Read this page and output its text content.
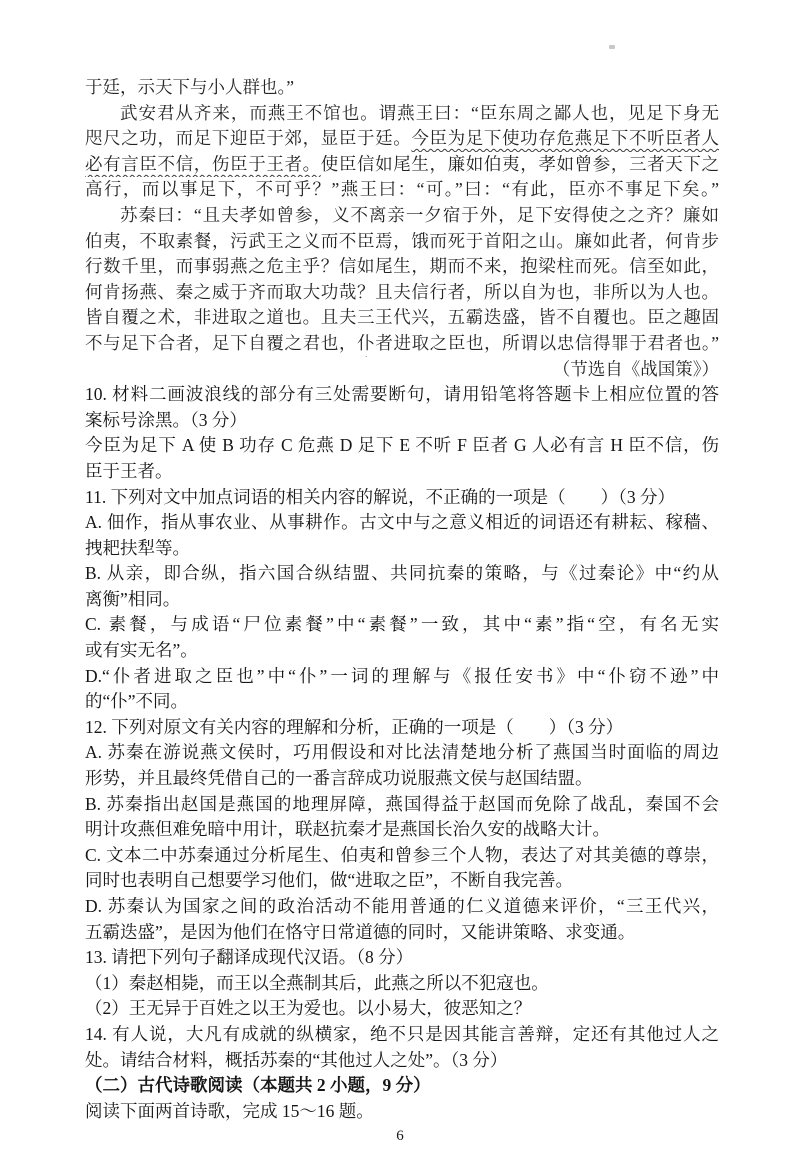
于廷，示天下与小人群也。”
武安君从齐来，而燕王不馆也。谓燕王曰：“臣东周之鄙人也，见足下身无
咫尺之功，而足下迎臣于郊，显臣于廷。今臣为足下使功存危燕足下不听臣者人
必有言臣不信，伤臣于王者。使臣信如尾生，廉如伯夷，孝如曾参，三者天下之
高行，而以事足下，不可乎？”燕王曰：“可。”曰：“有此，臣亦不事足下矣。”
苏秦曰：“且夫孝如曾参，义不离亲一夕宿于外，足下安得使之之齐？廉如
伯夷，不取素餐，污武王之义而不臣焉，饿而死于首阳之山。廉如此者，何肯步
行数千里，而事弱燕之危主乎？信如尾生，期而不来，抱梁柱而死。信至如此，
何肯扬燕、秦之威于齐而取大功哉？且夫信行者，所以自为也，非所以为人也。
皆自覆之术，非进取之道也。且夫三王代兴，五霸迭盛，皆不自覆也。臣之趣固
不与足下合者，足下自覆之君也，仆者进取之臣也，所谓以忠信得罪于君者也。”
（节选自《战国策》）
10. 材料二画波浪线的部分有三处需要断句，请用铅笔将答题卡上相应位置的答
案标号涂黑。（3 分）
今臣为足下 A 使 B 功存 C 危燕 D 足下 E 不听 F 臣者 G 人必有言 H 臣不信，伤
臣于王者。
11. 下列对文中加点词语的相关内容的解说，不正确的一项是（　　）（3 分）
A. 佃作，指从事农业、从事耕作。古文中与之意义相近的词语还有耕耘、稼穑、
拽耙扶犁等。
B. 从亲，即合纵，指六国合纵结盟、共同抗秦的策略，与《过秦论》中“约从
离衡”相同。
C. 素餐，与成语“尸位素餐”中“素餐”一致，其中“素”指“空，有名无实
或有实无名”。
D.“仆者进取之臣也”中“仆”一词的理解与《报任安书》中“仆窃不逊”中
的“仆”不同。
12. 下列对原文有关内容的理解和分析，正确的一项是（　　）（3 分）
A. 苏秦在游说燕文侯时，巧用假设和对比法清楚地分析了燕国当时面临的周边
形势，并且最终凭借自己的一番言辞成功说服燕文侯与赵国结盟。
B. 苏秦指出赵国是燕国的地理屏障，燕国得益于赵国而免除了战乱，秦国不会
明计攻燕但难免暗中用计，联赵抗秦才是燕国长治久安的战略大计。
C. 文本二中苏秦通过分析尾生、伯夷和曾参三个人物，表达了对其美德的尊崇，
同时也表明自己想要学习他们，做“进取之臣”，不断自我完善。
D. 苏秦认为国家之间的政治活动不能用普通的仁义道德来评价，“三王代兴，
五霸迭盛”，是因为他们在恪守日常道德的同时，又能讲策略、求变通。
13. 请把下列句子翻译成现代汉语。（8 分）
（1）秦赵相毙，而王以全燕制其后，此燕之所以不犯寇也。
（2）王无异于百姓之以王为爱也。以小易大，彼恶知之？
14. 有人说，大凡有成就的纵横家，绝不只是因其能言善辩，定还有其他过人之
处。请结合材料，概括苏秦的“其他过人之处”。（3 分）
（二）古代诗歌阅读（本题共 2 小题，9 分）
阅读下面两首诗歌，完成 15～16 题。
6
